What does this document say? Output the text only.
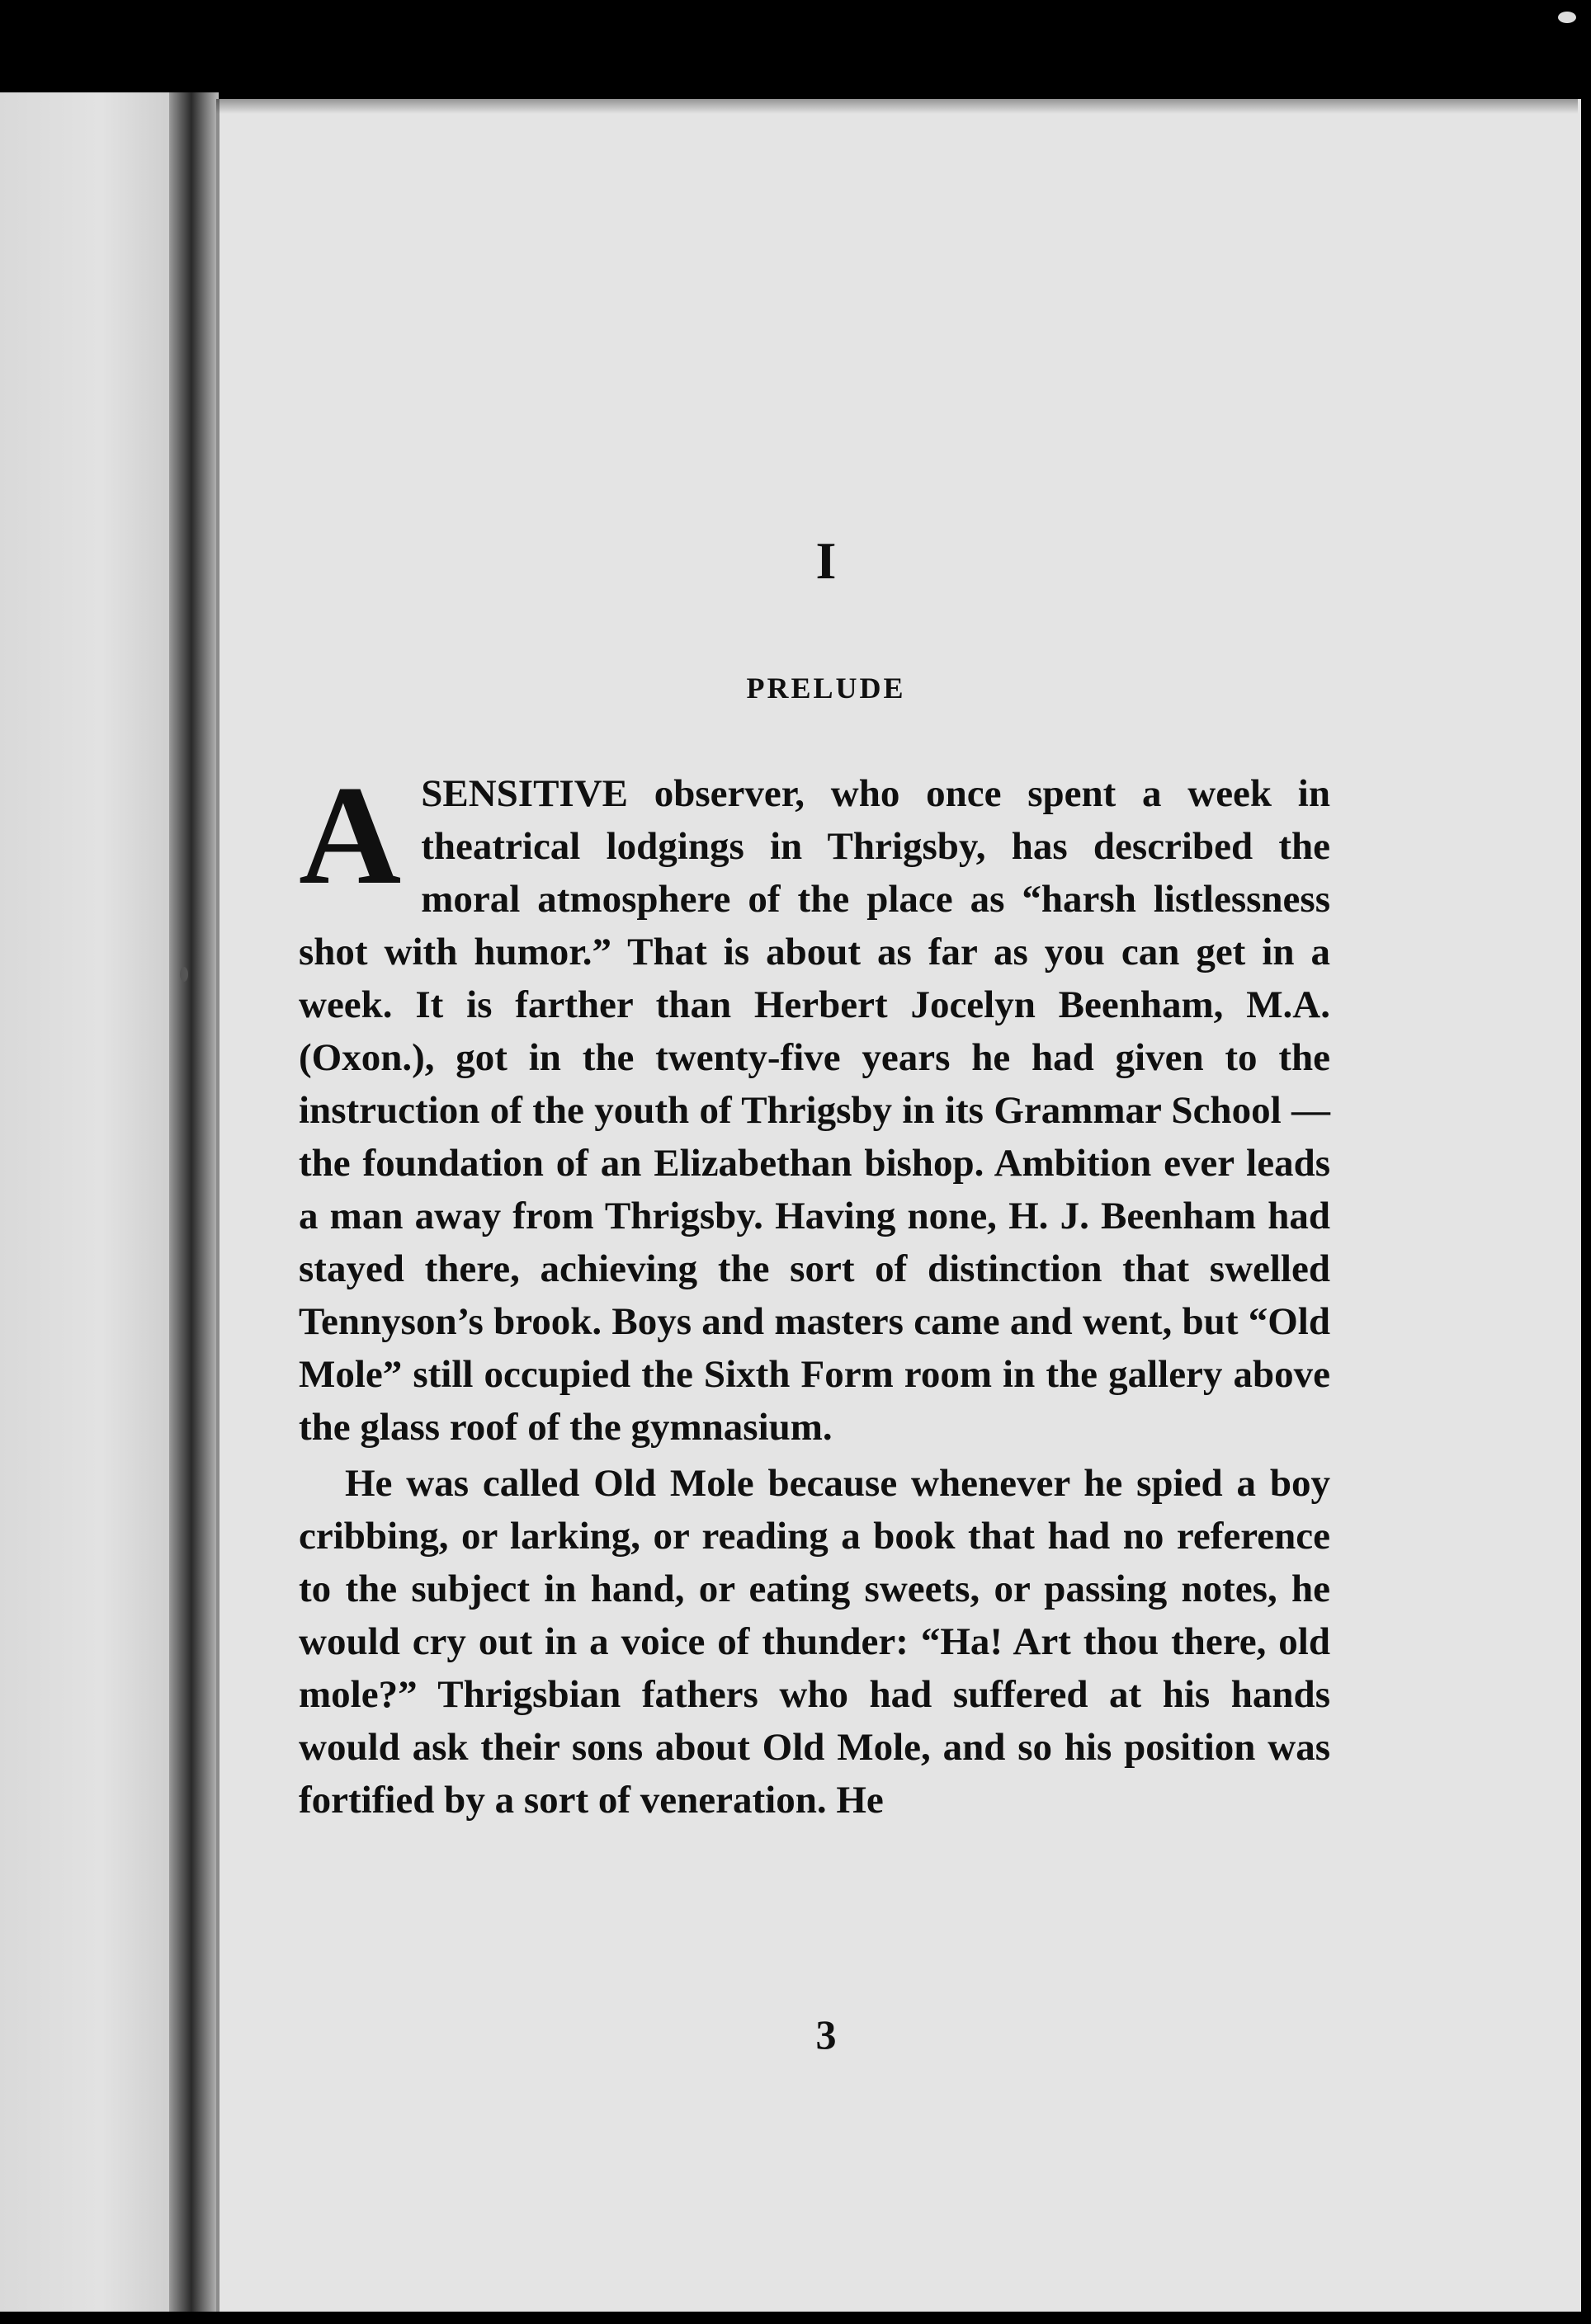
I
PRELUDE

ASENSITIVE observer, who once spent a week in theatrical lodgings in Thrigsby, has described the moral atmosphere of the place as “harsh listlessness shot with humor.” That is about as far as you can get in a week. It is farther than Herbert Jocelyn Beenham, M.A. (Oxon.), got in the twenty-five years he had given to the instruction of the youth of Thrigsby in its Grammar School —the foundation of an Elizabethan bishop. Ambition ever leads a man away from Thrigsby. Having none, H. J. Beenham had stayed there, achieving the sort of distinction that swelled Tennyson’s brook. Boys and masters came and went, but “Old Mole” still occupied the Sixth Form room in the gallery above the glass roof of the gymnasium.

He was called Old Mole because whenever he spied a boy cribbing, or larking, or reading a book that had no reference to the subject in hand, or eating sweets, or passing notes, he would cry out in a voice of thunder: “Ha! Art thou there, old mole?” Thrigsbian fathers who had suffered at his hands would ask their sons about Old Mole, and so his position was fortified by a sort of veneration. He

3
